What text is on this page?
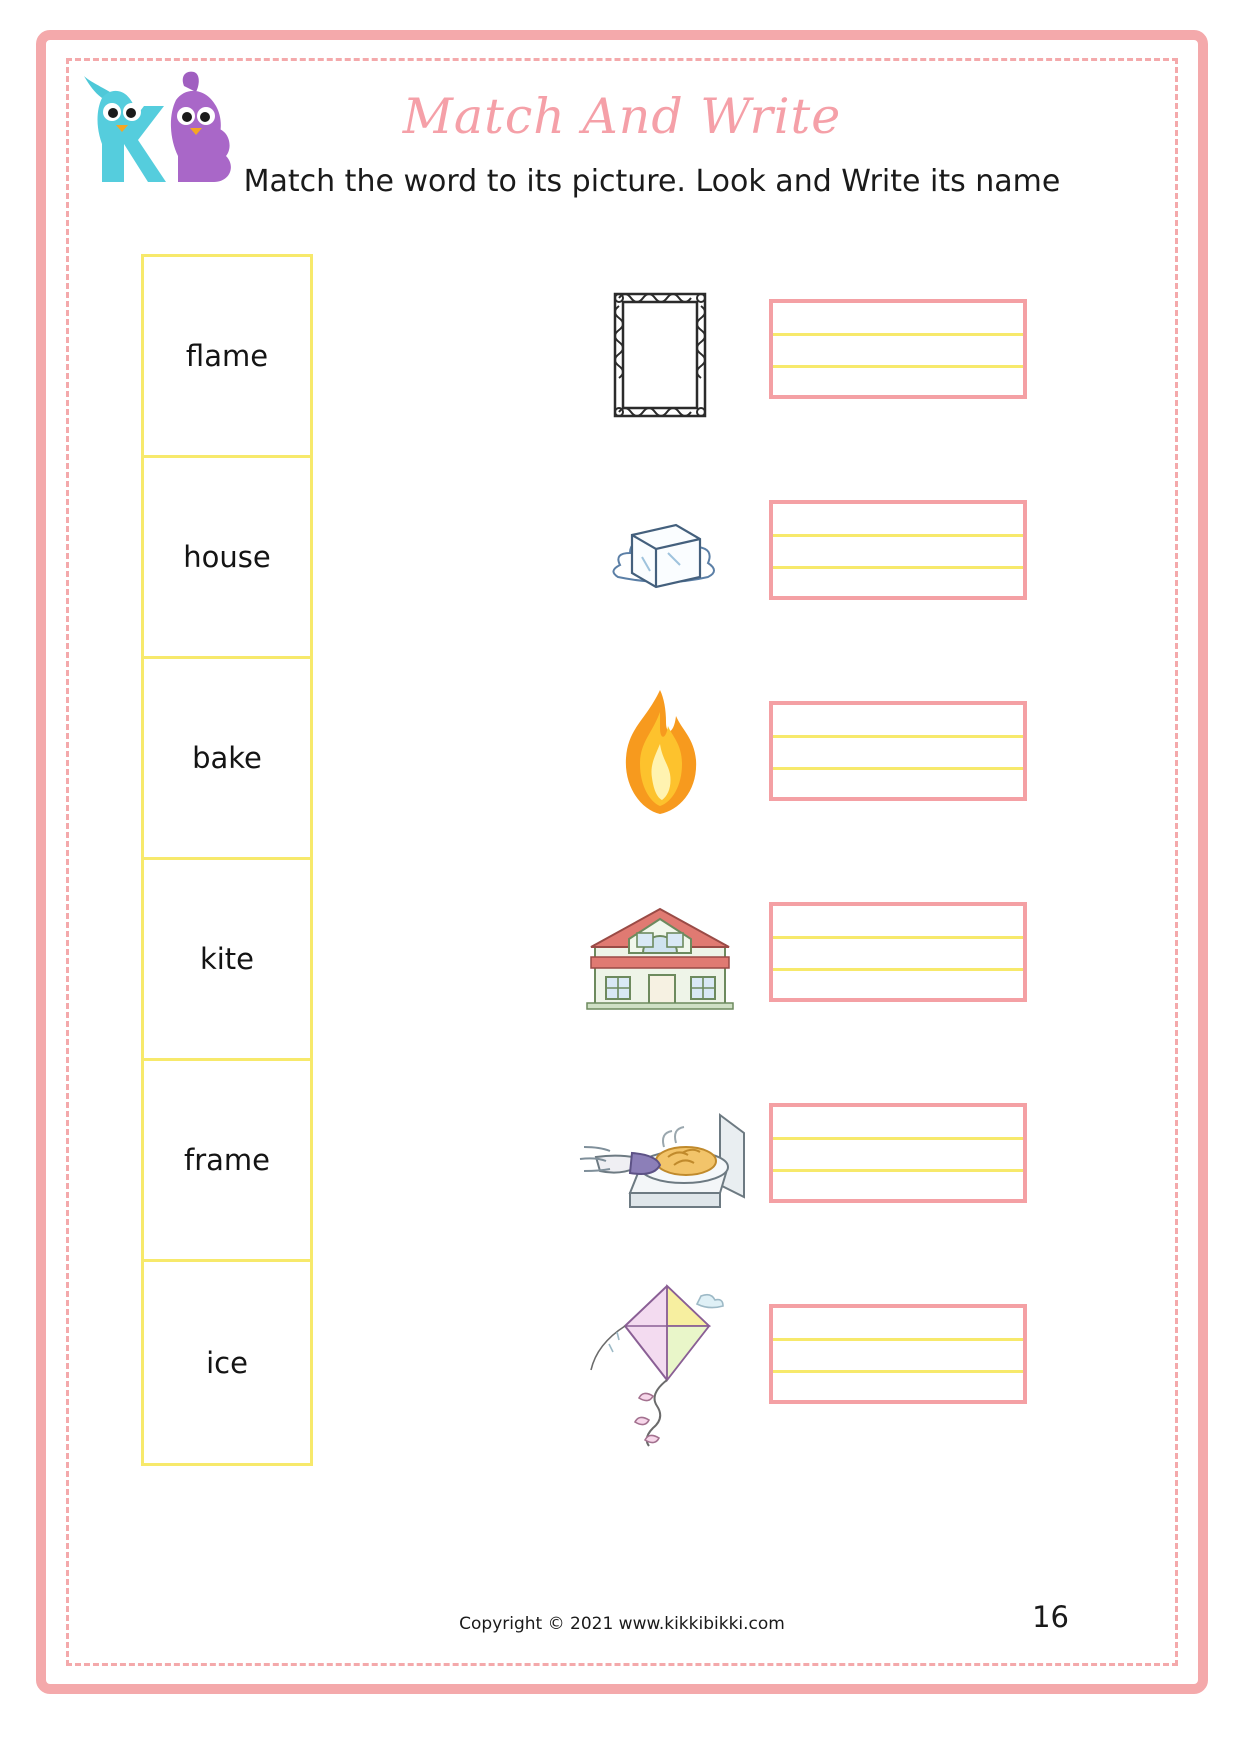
Match And Write
Match the word to its picture. Look and Write its name
flame
house
bake
kite
frame
ice
Copyright © 2021 www.kikkibikki.com	16
